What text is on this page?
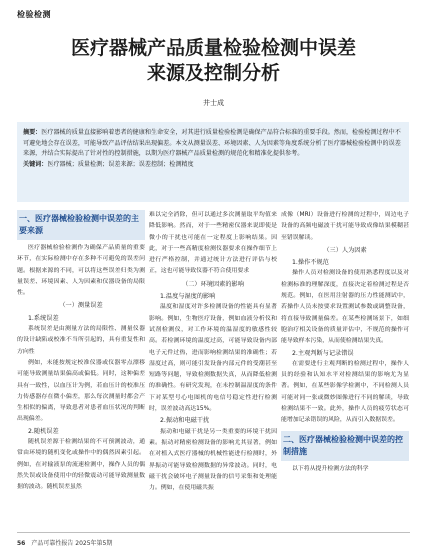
检验检测
医疗器械产品质量检验检测中误差
来源及控制分析
井士成

摘要：医疗器械的质量直接影响着患者的健康和生命安全，对其进行质量检验检测是确保产品符合标准的重要手段。然而，检验检测过程中不可避免地会存在误差，可能导致产品评估结果出现偏差。本文从测量误差、环境因素、人为因素等角度系统分析了医疗器械检验检测中的误差来源，并结合实际提出了针对性的控制措施，以期为医疗器械产品质量检测的规范化和精准化提供参考。

关键词：医疗器械；质量检测；误差来源；误差控制；检测精度

一、医疗器械检验检测中误差的主要来源

医疗器械检验检测作为确保产品质量的重要环节，在实际检测中存在多种不可避免的误差问题。根据来源的不同，可以将这些误差归类为测量误差、环境因素、人为因素和仪器设备的局限性。

（一）测量误差

1.系统误差

系统误差是由测量方法的局限性、测量仪器的设计缺陷或校准不当所引起的，具有重复性和方向性

例如，未能按规定校准仪器或仪器零点漂移可能导致测量结果偏高或偏低。同时，这种偏差具有一致性，以血压计为例，若血压计的校准压力传感器存在微小偏差，那么每次测量时都会产生相似的偏离，导致患者对患者血压状况的判断出现偏差。

2.随机误差

随机误差源于检测结果的不可预测波动，通常由环境的随机变化或操作中的偶然因素引起。例如，在对输液泵的流速检测中，操作人员的偶然失误或设备使用中的轻微震动可能导致测量数据的波动。随机误差虽然

难以完全消除，但可以通过多次测量取平均值来降低影响。然而，对于一些精密仪器来说即使是微小的干扰也可能在一定程度上影响结果。因此，对于一些高精度检测仪器要求在操作细节上进行严格控制，并通过统计方法进行评估与校正，这也可能导致仪器不符合使用要求

（二）环境因素的影响

1.温度与湿度的影响

温度和湿度对许多检测设备的性能具有显著影响。例如，生物医疗设备，例如血液分析仪和试剂检测仪，对工作环境的温湿度的敏感性较高。若检测环境的温度过高，可能导致设备内部电子元件过热，进而影响检测结果的准确性；若湿度过高，则可能引发设备内部元件的受潮甚至短路等问题，导致检测数据失真，从而降低检测的准确性。有研究发现，在未控制温湿度的条件下对某型号心电图机的电信号稳定性进行检测时，误差波动高达15%。

2.振动和电磁干扰

振动和电磁干扰是另一类重要的环境干扰因素。振动对精密检测设备的影响尤其显著，例如在对植入式医疗器械的机械性能进行检测时，外界振动可能导致检测数据的异常波动。同时，电磁干扰会破坏电子测量设备的信号采集和处理能力。例如，在使用磁共振

成像（MRI）设备进行检测的过程中，周边电子设备的高频电磁波干扰可能导致成像结果模糊甚至错误解读。

（三）人为因素

1.操作不规范

操作人员对检测设备的使用熟悉程度以及对检测标准的理解深度，直接决定着检测过程是否规范。例如，在医用注射器的压力性能测试中，若操作人员未按要求设置测试参数或调整设备，将直接导致测量偏差。在某些检测场景下，如细胞治疗相关设备的质量评估中，不规范的操作可能导致样本污染，从而使检测结果失真。

2.主观判断与记录错误

在需要进行主观判断的检测过程中，操作人员的经验和认知水平对检测结果的影响尤为显著。例如，在某些影像学检测中，不同检测人员可能对同一张或微妙图像进行不同的解读，导致检测结果不一致。此外，操作人员的疲劳状态可能增加记录错误的风险，从而引入数据误差。

二、医疗器械检验检测中误差的控制措施

以下将从提升检测方法的科学

56 产品可靠性报告 2025年第5期
